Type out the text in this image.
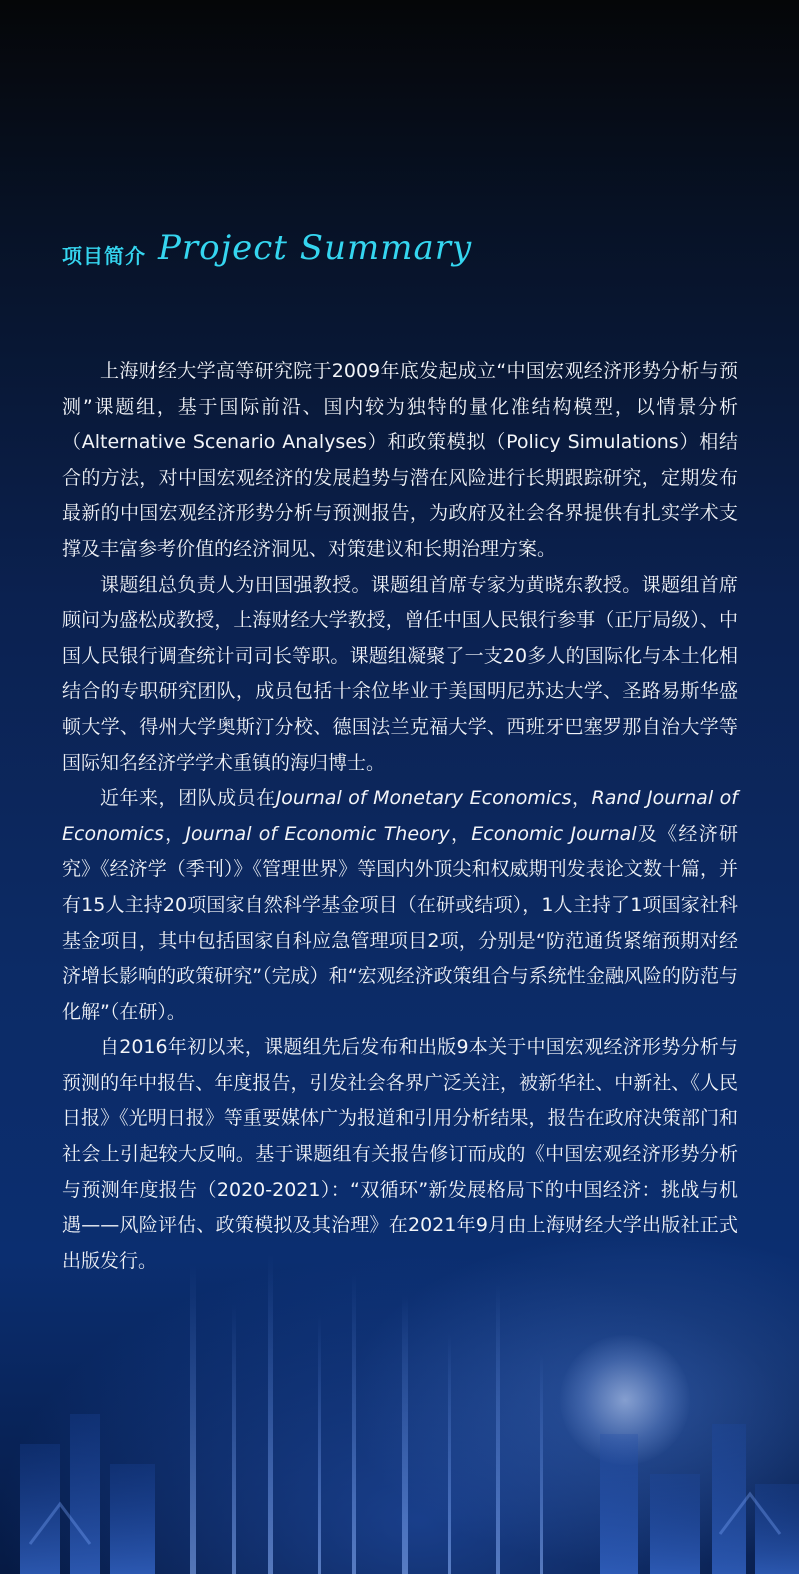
项目简介 Project Summary

上海财经大学高等研究院于2009年底发起成立“中国宏观经济形势分析与预测”课题组，基于国际前沿、国内较为独特的量化准结构模型，以情景分析（Alternative Scenario Analyses）和政策模拟（Policy Simulations）相结合的方法，对中国宏观经济的发展趋势与潜在风险进行长期跟踪研究，定期发布最新的中国宏观经济形势分析与预测报告，为政府及社会各界提供有扎实学术支撑及丰富参考价值的经济洞见、对策建议和长期治理方案。

课题组总负责人为田国强教授。课题组首席专家为黄晓东教授。课题组首席顾问为盛松成教授，上海财经大学教授，曾任中国人民银行参事（正厅局级）、中国人民银行调查统计司司长等职。课题组凝聚了一支20多人的国际化与本土化相结合的专职研究团队，成员包括十余位毕业于美国明尼苏达大学、圣路易斯华盛顿大学、得州大学奥斯汀分校、德国法兰克福大学、西班牙巴塞罗那自治大学等国际知名经济学学术重镇的海归博士。

近年来，团队成员在Journal of Monetary Economics，Rand Journal of Economics，Journal of Economic Theory，Economic Journal及《经济研究》《经济学（季刊）》《管理世界》等国内外顶尖和权威期刊发表论文数十篇，并有15人主持20项国家自然科学基金项目（在研或结项），1人主持了1项国家社科基金项目，其中包括国家自科应急管理项目2项，分别是“防范通货紧缩预期对经济增长影响的政策研究”（完成）和“宏观经济政策组合与系统性金融风险的防范与化解”（在研）。

自2016年初以来，课题组先后发布和出版9本关于中国宏观经济形势分析与预测的年中报告、年度报告，引发社会各界广泛关注，被新华社、中新社、《人民日报》《光明日报》等重要媒体广为报道和引用分析结果，报告在政府决策部门和社会上引起较大反响。基于课题组有关报告修订而成的《中国宏观经济形势分析与预测年度报告（2020-2021）：“双循环”新发展格局下的中国经济：挑战与机遇——风险评估、政策模拟及其治理》在2021年9月由上海财经大学出版社正式出版发行。
